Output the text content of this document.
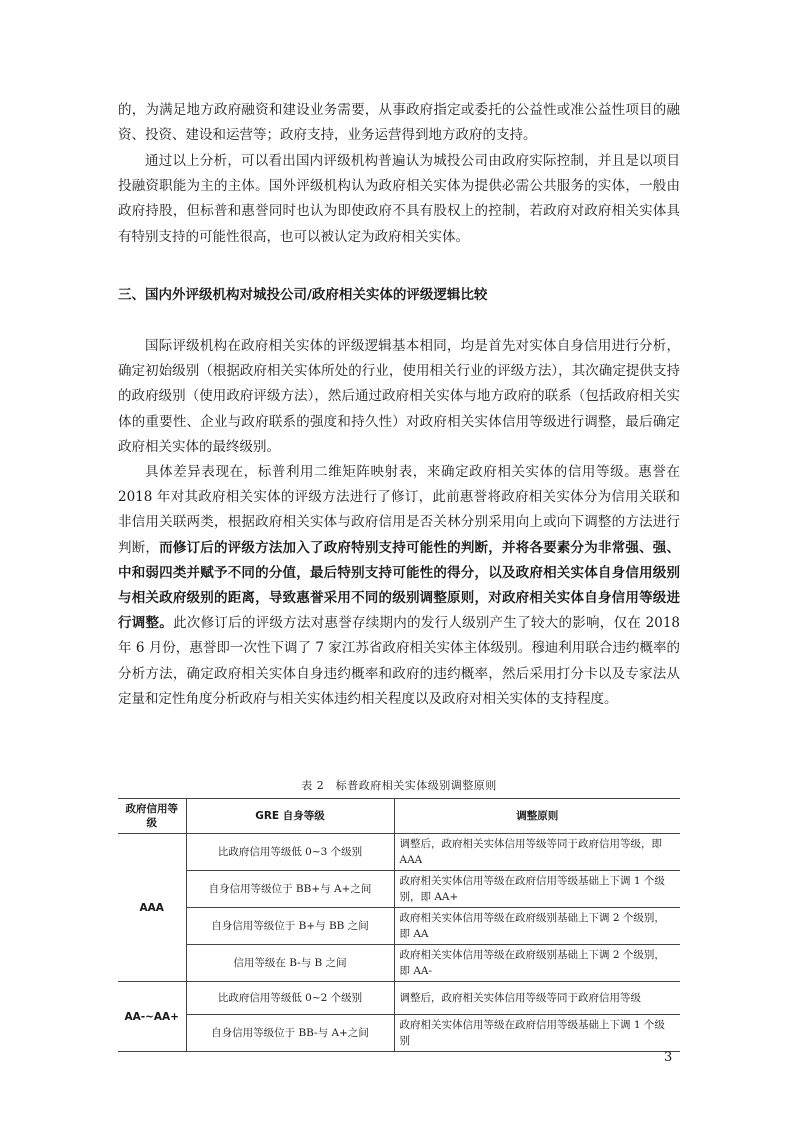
的，为满足地方政府融资和建设业务需要，从事政府指定或委托的公益性或准公益性项目的融资、投资、建设和运营等；政府支持，业务运营得到地方政府的支持。

通过以上分析，可以看出国内评级机构普遍认为城投公司由政府实际控制，并且是以项目投融资职能为主的主体。国外评级机构认为政府相关实体为提供必需公共服务的实体，一般由政府持股，但标普和惠誉同时也认为即使政府不具有股权上的控制，若政府对政府相关实体具有特别支持的可能性很高，也可以被认定为政府相关实体。

三、国内外评级机构对城投公司/政府相关实体的评级逻辑比较

国际评级机构在政府相关实体的评级逻辑基本相同，均是首先对实体自身信用进行分析，确定初始级别（根据政府相关实体所处的行业，使用相关行业的评级方法），其次确定提供支持的政府级别（使用政府评级方法），然后通过政府相关实体与地方政府的联系（包括政府相关实体的重要性、企业与政府联系的强度和持久性）对政府相关实体信用等级进行调整，最后确定政府相关实体的最终级别。

具体差异表现在，标普利用二维矩阵映射表，来确定政府相关实体的信用等级。惠誉在2018 年对其政府相关实体的评级方法进行了修订，此前惠誉将政府相关实体分为信用关联和非信用关联两类，根据政府相关实体与政府信用是否关林分别采用向上或向下调整的方法进行判断，而修订后的评级方法加入了政府特别支持可能性的判断，并将各要素分为非常强、强、中和弱四类并赋予不同的分值，最后特别支持可能性的得分，以及政府相关实体自身信用级别与相关政府级别的距离，导致惠誉采用不同的级别调整原则，对政府相关实体自身信用等级进行调整。此次修订后的评级方法对惠誉存续期内的发行人级别产生了较大的影响，仅在 2018 年 6 月份，惠誉即一次性下调了 7 家江苏省政府相关实体主体级别。穆迪利用联合违约概率的分析方法，确定政府相关实体自身违约概率和政府的违约概率，然后采用打分卡以及专家法从定量和定性角度分析政府与相关实体违约相关程度以及政府对相关实体的支持程度。

表 2　标普政府相关实体级别调整原则

政府信用等级	GRE 自身等级	调整原则
AAA	比政府信用等级低 0~3 个级别	调整后，政府相关实体信用等级等同于政府信用等级，即 AAA
	自身信用等级位于 BB+与 A+之间	政府相关实体信用等级在政府信用等级基础上下调 1 个级别，即 AA+
	自身信用等级位于 B+与 BB 之间	政府相关实体信用等级在政府级别基础上下调 2 个级别，即 AA
	信用等级在 B-与 B 之间	政府相关实体信用等级在政府级别基础上下调 2 个级别，即 AA-
AA-~AA+	比政府信用等级低 0~2 个级别	调整后，政府相关实体信用等级等同于政府信用等级
	自身信用等级位于 BB-与 A+之间	政府相关实体信用等级在政府信用等级基础上下调 1 个级别

3
